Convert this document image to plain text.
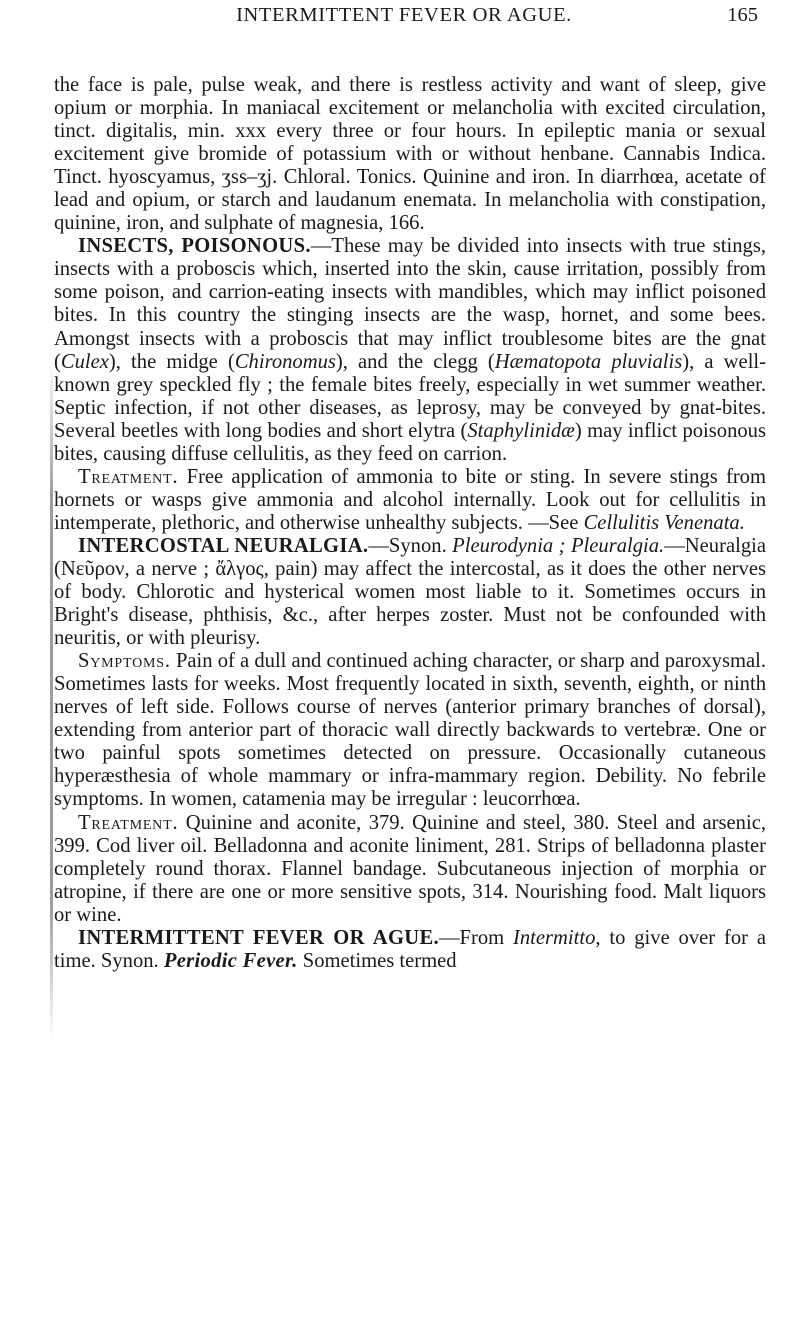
INTERMITTENT FEVER OR AGUE.	165

the face is pale, pulse weak, and there is restless activity and want of sleep, give opium or morphia. In maniacal excitement or melancholia with excited circulation, tinct. digitalis, min. xxx every three or four hours. In epileptic mania or sexual excitement give bromide of potassium with or without henbane. Cannabis Indica. Tinct. hyoscyamus, ʒss–ʒj. Chloral. Tonics. Quinine and iron. In diarrhœa, acetate of lead and opium, or starch and laudanum enemata. In melancholia with constipation, quinine, iron, and sulphate of magnesia, 166.

INSECTS, POISONOUS.—These may be divided into insects with true stings, insects with a proboscis which, inserted into the skin, cause irritation, possibly from some poison, and carrion-eating insects with mandibles, which may inflict poisoned bites. In this country the stinging insects are the wasp, hornet, and some bees. Amongst insects with a proboscis that may inflict troublesome bites are the gnat (Culex), the midge (Chironomus), and the clegg (Hæmatopota pluvialis), a well-known grey speckled fly ; the female bites freely, especially in wet summer weather. Septic infection, if not other diseases, as leprosy, may be conveyed by gnat-bites. Several beetles with long bodies and short elytra (Staphylinidæ) may inflict poisonous bites, causing diffuse cellulitis, as they feed on carrion.

Treatment. Free application of ammonia to bite or sting. In severe stings from hornets or wasps give ammonia and alcohol internally. Look out for cellulitis in intemperate, plethoric, and otherwise unhealthy subjects. —See Cellulitis Venenata.

INTERCOSTAL NEURALGIA.—Synon. Pleurodynia ; Pleuralgia.—Neuralgia (Νεῦρον, a nerve ; ἄλγος, pain) may affect the intercostal, as it does the other nerves of body. Chlorotic and hysterical women most liable to it. Sometimes occurs in Bright's disease, phthisis, &c., after herpes zoster. Must not be confounded with neuritis, or with pleurisy.

Symptoms. Pain of a dull and continued aching character, or sharp and paroxysmal. Sometimes lasts for weeks. Most frequently located in sixth, seventh, eighth, or ninth nerves of left side. Follows course of nerves (anterior primary branches of dorsal), extending from anterior part of thoracic wall directly backwards to vertebræ. One or two painful spots sometimes detected on pressure. Occasionally cutaneous hyperæsthesia of whole mammary or infra-mammary region. Debility. No febrile symptoms. In women, catamenia may be irregular : leucorrhœa.

Treatment. Quinine and aconite, 379. Quinine and steel, 380. Steel and arsenic, 399. Cod liver oil. Belladonna and aconite liniment, 281. Strips of belladonna plaster completely round thorax. Flannel bandage. Subcutaneous injection of morphia or atropine, if there are one or more sensitive spots, 314. Nourishing food. Malt liquors or wine.

INTERMITTENT FEVER OR AGUE.—From Intermitto, to give over for a time. Synon. Periodic Fever. Sometimes termed
